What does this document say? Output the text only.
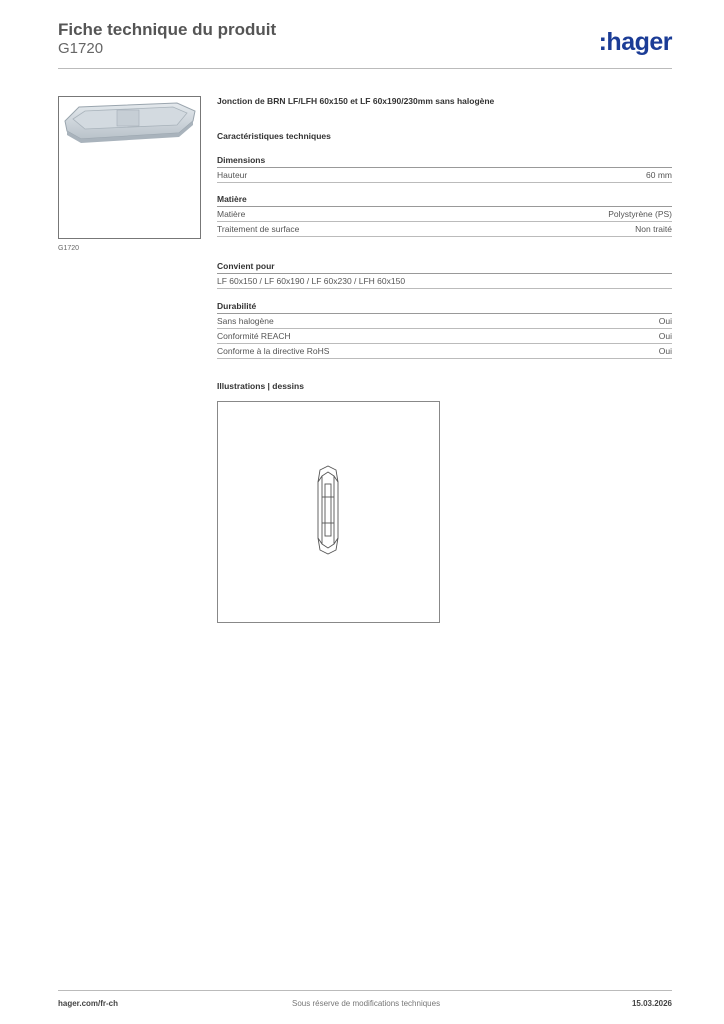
Fiche technique du produit
G1720	:hager
G1720
Jonction de BRN LF/LFH 60x150 et LF 60x190/230mm sans halogène
Caractéristiques techniques
Dimensions
Hauteur	60 mm
Matière
Matière	Polystyrène (PS)
Traitement de surface	Non traité
Convient pour
LF 60x150 / LF 60x190 / LF 60x230 / LFH 60x150
Durabilité
Sans halogène	Oui
Conformité REACH	Oui
Conforme à la directive RoHS	Oui
Illustrations | dessins
hager.com/fr-ch	Sous réserve de modifications techniques	15.03.2026
